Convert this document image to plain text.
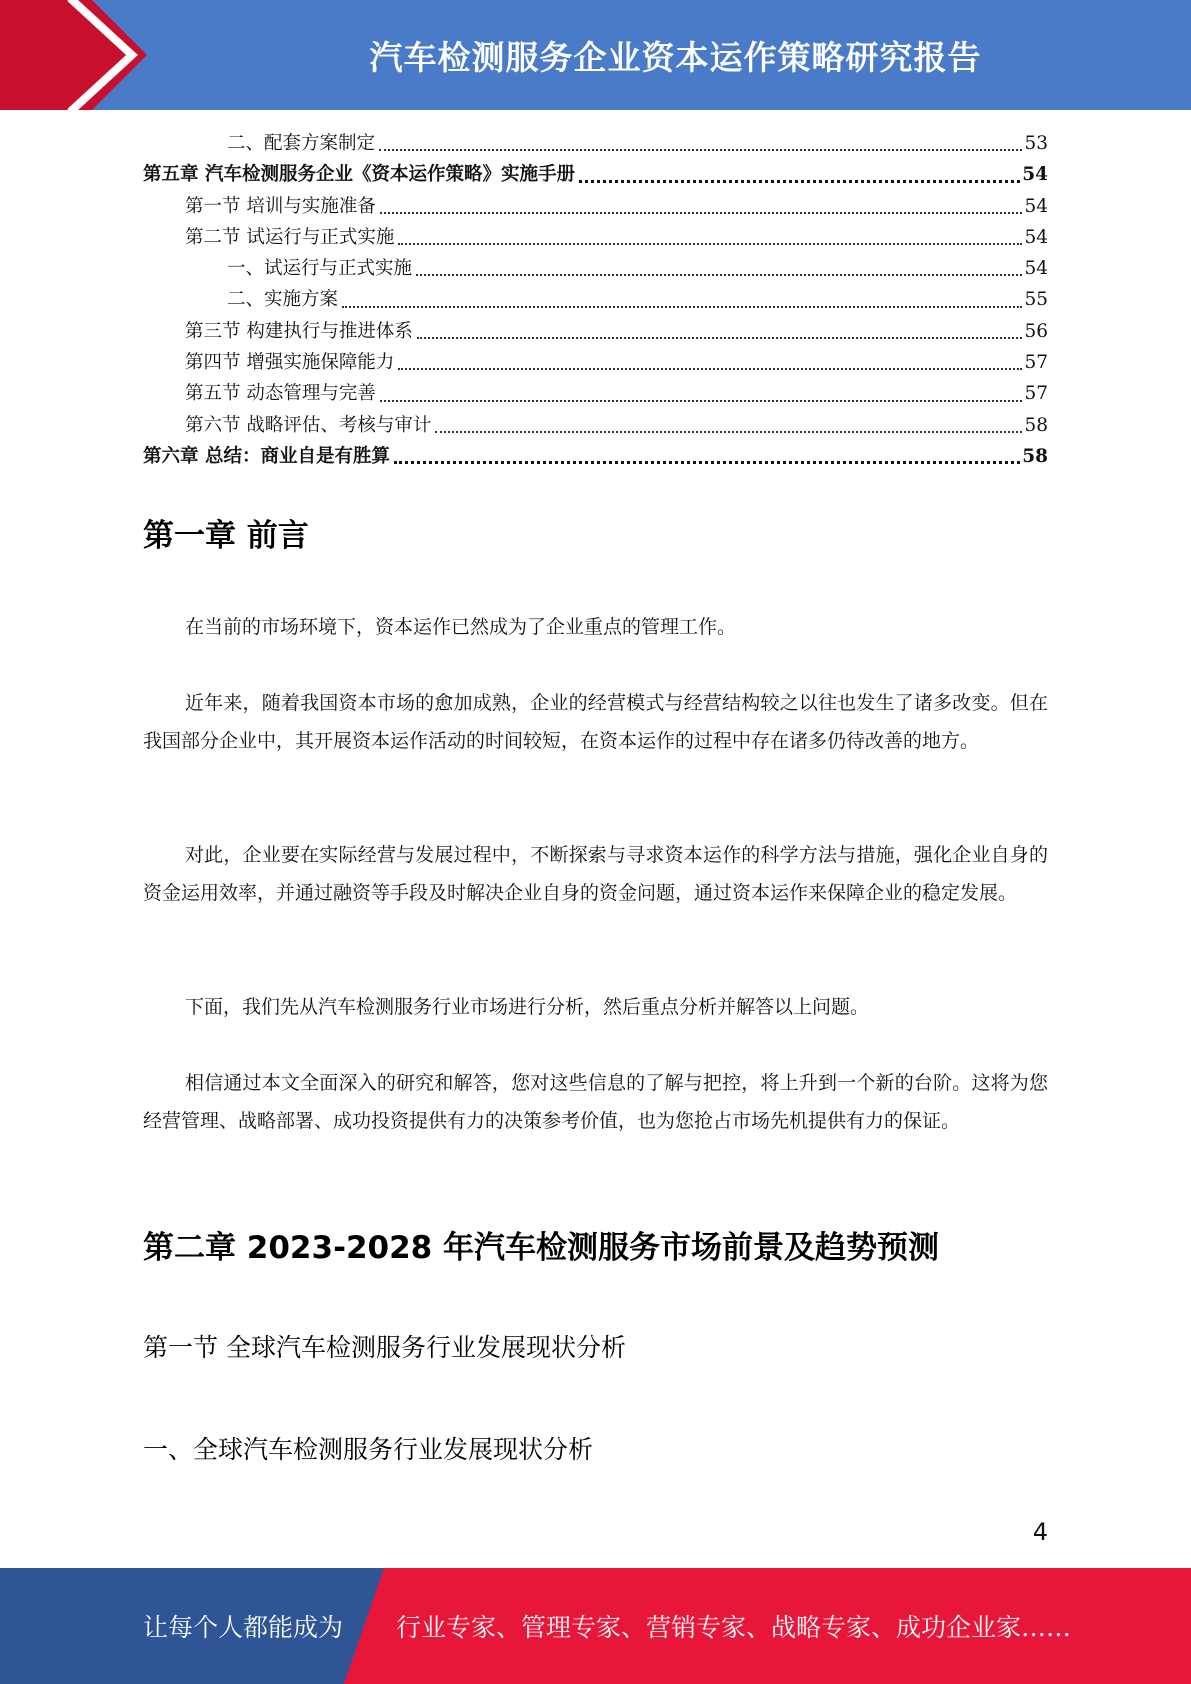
汽车检测服务企业资本运作策略研究报告
二、配套方案制定	53
第五章 汽车检测服务企业《资本运作策略》实施手册	54
第一节 培训与实施准备	54
第二节 试运行与正式实施	54
一、试运行与正式实施	54
二、实施方案	55
第三节 构建执行与推进体系	56
第四节 增强实施保障能力	57
第五节 动态管理与完善	57
第六节 战略评估、考核与审计	58
第六章 总结：商业自是有胜算	58
第一章 前言
在当前的市场环境下，资本运作已然成为了企业重点的管理工作。
近年来，随着我国资本市场的愈加成熟，企业的经营模式与经营结构较之以往也发生了诸多改变。但在我国部分企业中，其开展资本运作活动的时间较短，在资本运作的过程中存在诸多仍待改善的地方。
对此，企业要在实际经营与发展过程中，不断探索与寻求资本运作的科学方法与措施，强化企业自身的资金运用效率，并通过融资等手段及时解决企业自身的资金问题，通过资本运作来保障企业的稳定发展。
下面，我们先从汽车检测服务行业市场进行分析，然后重点分析并解答以上问题。
相信通过本文全面深入的研究和解答，您对这些信息的了解与把控，将上升到一个新的台阶。这将为您经营管理、战略部署、成功投资提供有力的决策参考价值，也为您抢占市场先机提供有力的保证。
第二章 2023-2028 年汽车检测服务市场前景及趋势预测
第一节 全球汽车检测服务行业发展现状分析
一、全球汽车检测服务行业发展现状分析
4
让每个人都能成为 行业专家、管理专家、营销专家、战略专家、成功企业家……
